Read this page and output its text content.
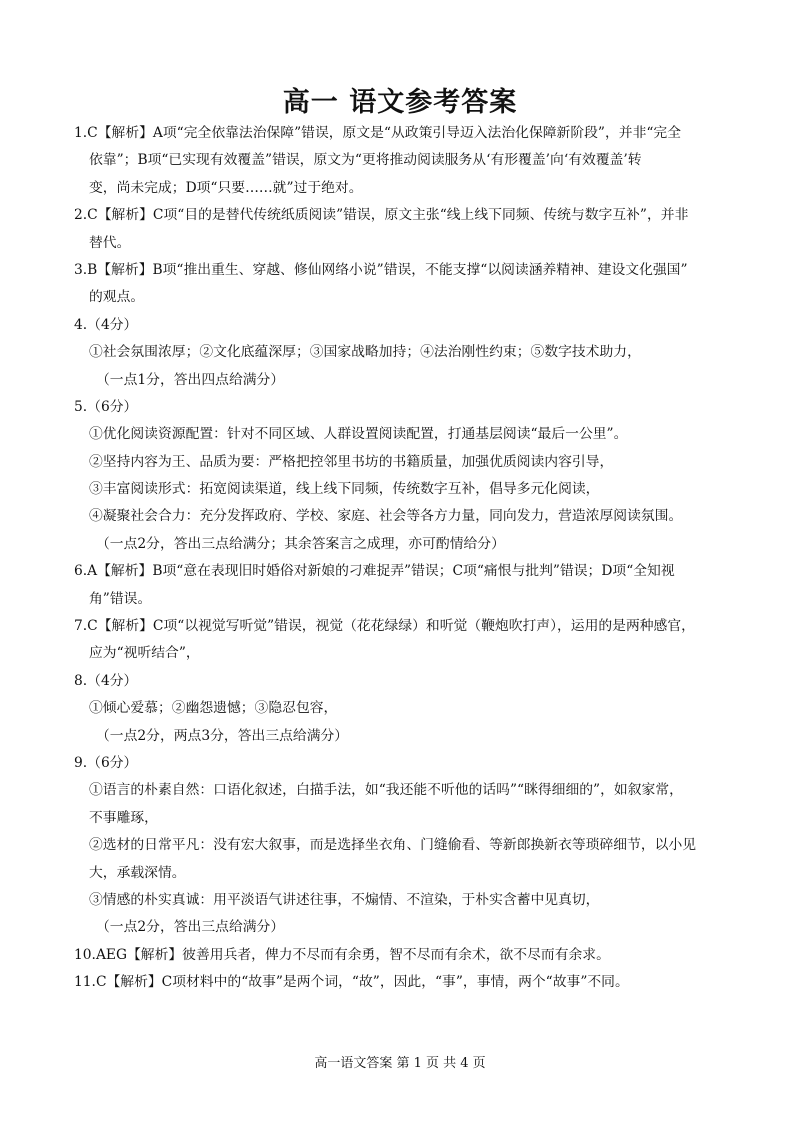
高一 语文参考答案
1.C【解析】A项“完全依靠法治保障”错误，原文是“从政策引导迈入法治化保障新阶段”，并非“完全
依靠”；B项“已实现有效覆盖”错误，原文为“更将推动阅读服务从‘有形覆盖’向‘有效覆盖’转
变，尚未完成；D项“只要……就”过于绝对。
2.C【解析】C项“目的是替代传统纸质阅读”错误，原文主张“线上线下同频、传统与数字互补”，并非
替代。
3.B【解析】B项“推出重生、穿越、修仙网络小说”错误，不能支撑“以阅读涵养精神、建设文化强国”
的观点。
4.（4分）
①社会氛围浓厚；②文化底蕴深厚；③国家战略加持；④法治刚性约束；⑤数字技术助力，
（一点1分，答出四点给满分）
5.（6分）
①优化阅读资源配置：针对不同区域、人群设置阅读配置，打通基层阅读“最后一公里”。
②坚持内容为王、品质为要：严格把控邻里书坊的书籍质量，加强优质阅读内容引导，
③丰富阅读形式：拓宽阅读渠道，线上线下同频，传统数字互补，倡导多元化阅读，
④凝聚社会合力：充分发挥政府、学校、家庭、社会等各方力量，同向发力，营造浓厚阅读氛围。
（一点2分，答出三点给满分；其余答案言之成理，亦可酌情给分）
6.A【解析】B项“意在表现旧时婚俗对新娘的刁难捉弄”错误；C项“痛恨与批判”错误；D项“全知视
角”错误。
7.C【解析】C项“以视觉写听觉”错误，视觉（花花绿绿）和听觉（鞭炮吹打声），运用的是两种感官，
应为“视听结合”，
8.（4分）
①倾心爱慕；②幽怨遗憾；③隐忍包容，
（一点2分，两点3分，答出三点给满分）
9.（6分）
①语言的朴素自然：口语化叙述，白描手法，如“我还能不听他的话吗”“眯得细细的”，如叙家常，
不事雕琢，
②选材的日常平凡：没有宏大叙事，而是选择坐衣角、门缝偷看、等新郎换新衣等琐碎细节，以小见
大，承载深情。
③情感的朴实真诚：用平淡语气讲述往事，不煽情、不渲染，于朴实含蓄中见真切，
（一点2分，答出三点给满分）
10.AEG【解析】彼善用兵者，俾力不尽而有余勇，智不尽而有余术，欲不尽而有余求。
11.C【解析】C项材料中的“故事”是两个词，“故”，因此，“事”，事情，两个“故事”不同。
高一语文答案 第 1 页 共 4 页
